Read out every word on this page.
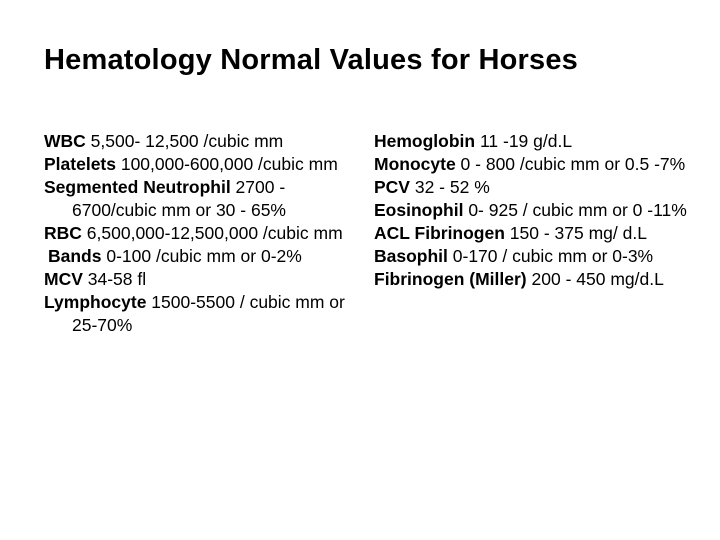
Hematology Normal Values for Horses
WBC 5,500- 12,500 /cubic mm
Platelets 100,000-600,000 /cubic mm
Segmented Neutrophil 2700 - 6700/cubic mm or 30 - 65%
RBC 6,500,000-12,500,000 /cubic mm
Bands 0-100 /cubic mm or 0-2%
MCV 34-58 fl
Lymphocyte 1500-5500 / cubic mm or 25-70%
Hemoglobin 11 -19 g/d.L
Monocyte 0 - 800 /cubic mm or 0.5 -7%
PCV 32 - 52 %
Eosinophil 0- 925 / cubic mm or 0 -11%
ACL Fibrinogen 150 - 375 mg/ d.L
Basophil 0-170 / cubic mm or 0-3%
Fibrinogen (Miller) 200 - 450 mg/d.L
